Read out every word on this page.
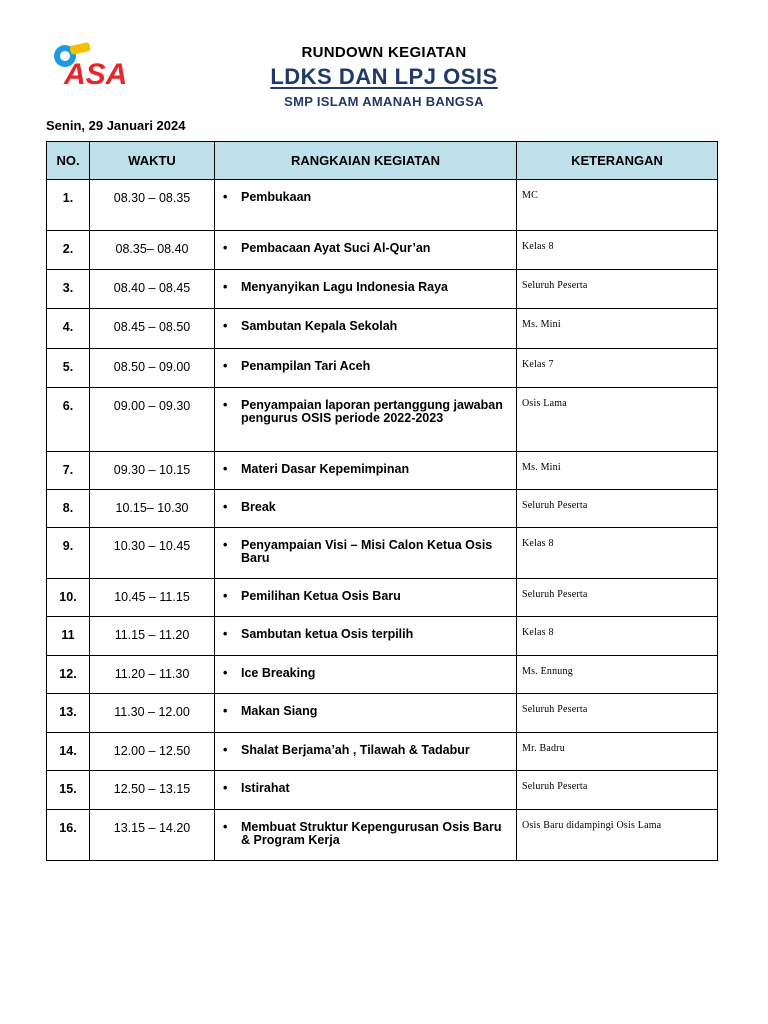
ASA
RUNDOWN KEGIATAN
LDKS DAN LPJ OSIS
SMP ISLAM AMANAH BANGSA
Senin, 29 Januari 2024
NO.	WAKTU	RANGKAIAN KEGIATAN	KETERANGAN
1.	08.30 – 08.35	• Pembukaan	MC
2.	08.35– 08.40	• Pembacaan Ayat Suci Al-Qur’an	Kelas 8
3.	08.40 – 08.45	• Menyanyikan Lagu Indonesia Raya	Seluruh Peserta
4.	08.45 – 08.50	• Sambutan Kepala Sekolah	Ms. Mini
5.	08.50 – 09.00	• Penampilan Tari Aceh	Kelas 7
6.	09.00 – 09.30	• Penyampaian laporan pertanggung jawaban pengurus OSIS periode 2022-2023	Osis Lama
7.	09.30 – 10.15	• Materi Dasar Kepemimpinan	Ms. Mini
8.	10.15– 10.30	• Break	Seluruh Peserta
9.	10.30 – 10.45	• Penyampaian Visi – Misi Calon Ketua Osis Baru	Kelas 8
10.	10.45 – 11.15	• Pemilihan Ketua Osis Baru	Seluruh Peserta
11	11.15 – 11.20	• Sambutan ketua Osis terpilih	Kelas 8
12.	11.20 – 11.30	• Ice Breaking	Ms. Ennung
13.	11.30 – 12.00	• Makan Siang	Seluruh Peserta
14.	12.00 – 12.50	• Shalat Berjama’ah , Tilawah & Tadabur	Mr. Badru
15.	12.50 – 13.15	• Istirahat	Seluruh Peserta
16.	13.15 – 14.20	• Membuat Struktur Kepengurusan Osis Baru & Program Kerja	Osis Baru didampingi Osis Lama
